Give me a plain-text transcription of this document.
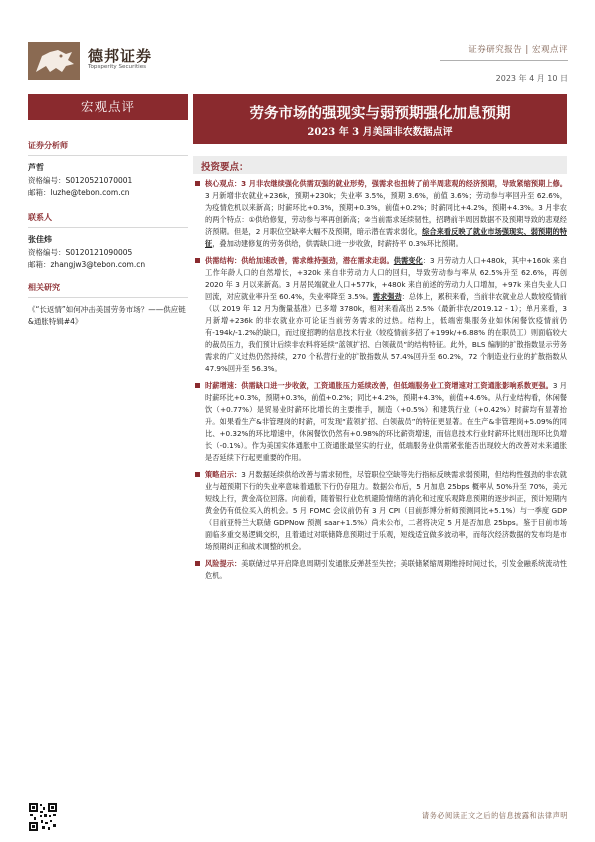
德邦证券
Topsperity Securities
证券研究报告 | 宏观点评
2023 年 4 月 10 日
宏观点评	劳务市场的强现实与弱预期强化加息预期
2023 年 3 月美国非农数据点评
证券分析师
芦哲
资格编号：S0120521070001
邮箱：luzhe@tebon.com.cn
联系人
张佳炜
资格编号：S0120121090005
邮箱：zhangjw3@tebon.com.cn
相关研究
《“长返情”如何冲击美国劳务市场？——供应链&通胀特辑#4》
投资要点：
核心观点：3 月非农继续强化供需双强的就业形势，强需求也扭转了前半周悲观的经济预期，导致紧缩预期上修。3 月新增非农就业+236k，预期+230k；失业率 3.5%，预期 3.6%，前值 3.6%；劳动参与率回升至 62.6%，为疫情危机以来新高；时薪环比+0.3%，预期+0.3%，前值+0.2%；时薪同比+4.2%，预期+4.3%。3 月非农的两个特点：①供给修复，劳动参与率再创新高；②当前需求延续韧性，招聘前半周因数据不及预期导致的悲观经济预期。但是，2 月职位空缺率大幅不及预期，暗示潜在需求弱化，综合来看反映了就业市场强现实、弱预期的特征，叠加动建修复的劳务供给，供需缺口进一步收敛，时薪持平 0.3%环比预期。
供需结构：供给加速改善，需求维持强劲，潜在需求走弱。供需变化：3 月劳动力人口+480k，其中+160k 来自工作年龄人口的自然增长，+320k 来自非劳动力人口的回归，导致劳动参与率从 62.5%升至 62.6%，再创 2020 年 3 月以来新高。3 月居民端就业人口+577k，+480k 来自前述的劳动力人口增加，+97k 来自失业人口回流，对应就业率升至 60.4%，失业率降至 3.5%。需求强劲：总体上，累积来看，当前非农就业总人数较疫情前（以 2019 年 12 月为衡量基准）已多增 3780k，相对来看高出 2.5%（最新非农/2019.12 - 1）；单月来看，3 月新增+236k 的非农就业亦可论证当前劳务需求的过热。结构上，低端密集服务业如休闲餐饮疫情前仍有-194k/-1.2%的缺口，而过度招聘的信息技术行业（较疫情前多招了+199k/+6.88% 的在职员工）则面临较大的裁员压力，我们预计后续非农料将延续“蓝领扩招、白领裁员”的结构特征。此外，BLS 编制的扩散指数显示劳务需求的广义过热仍然持续，270 个私营行业的扩散指数从 57.4%回升至 60.2%，72 个制造业行业的扩散指数从 47.9%回升至 56.3%。
时薪增速：供需缺口进一步收敛，工资通胀压力延续改善，但低端服务业工资增速对工资通胀影响系数更强。3 月时薪环比+0.3%，预期+0.3%，前值+0.2%；同比+4.2%，预期+4.3%，前值+4.6%。从行业结构看，休闲餐饮（+0.77%）是贸易业时薪环比增长的主要推手，制造（+0.5%）和建筑行业（+0.42%）时薪均有显著抬升。如果看生产&非管理岗的时薪，可发现“蓝领扩招、白领裁员”的特征更显著。在生产&非管理岗+5.09%的同比、+0.32%的环比增速中，休闲餐饮仍然有+0.98%的环比薪资增速，而信息技术行业时薪环比则出现环比负增长（-0.1%）。作为美国实体通胀中工资通胀最坚实的行业，低端服务业供需紧张能否出现较大的改善对未来通胀是否延续下行起更重要的作用。
策略启示：3 月数据延续供给改善与需求韧性，尽管职位空缺等先行指标反映需求弱预期，但结构性强劲的非农就业与超预期下行的失业率意味着通胀下行仍存阻力。数据公布后，5 月加息 25bps 概率从 50%升至 70%，美元短线上行，黄金高位回落。向前看，随着银行业危机避险情绪的消化和过度乐观降息预期的逐步纠正，预计短期内黄金仍有低位买入的机会。5 月 FOMC 会议前仍有 3 月 CPI（目前彭博分析师预测同比+5.1%）与一季度 GDP（目前亚特兰大联储 GDPNow 预测 saar+1.5%）尚未公布，二者将决定 5 月是否加息 25bps。鉴于目前市场面临多重交易逻辑交织，且着通过对联储降息预期过于乐观，短线适宜做多波动率，而每次经济数据的发布均是市场预期纠正和战术调整的机会。
风险提示：美联储过早开启降息周期引发通胀反弹甚至失控；美联储紧缩周期维持时间过长，引发金融系统流动性危机。
请务必阅读正文之后的信息披露和法律声明
